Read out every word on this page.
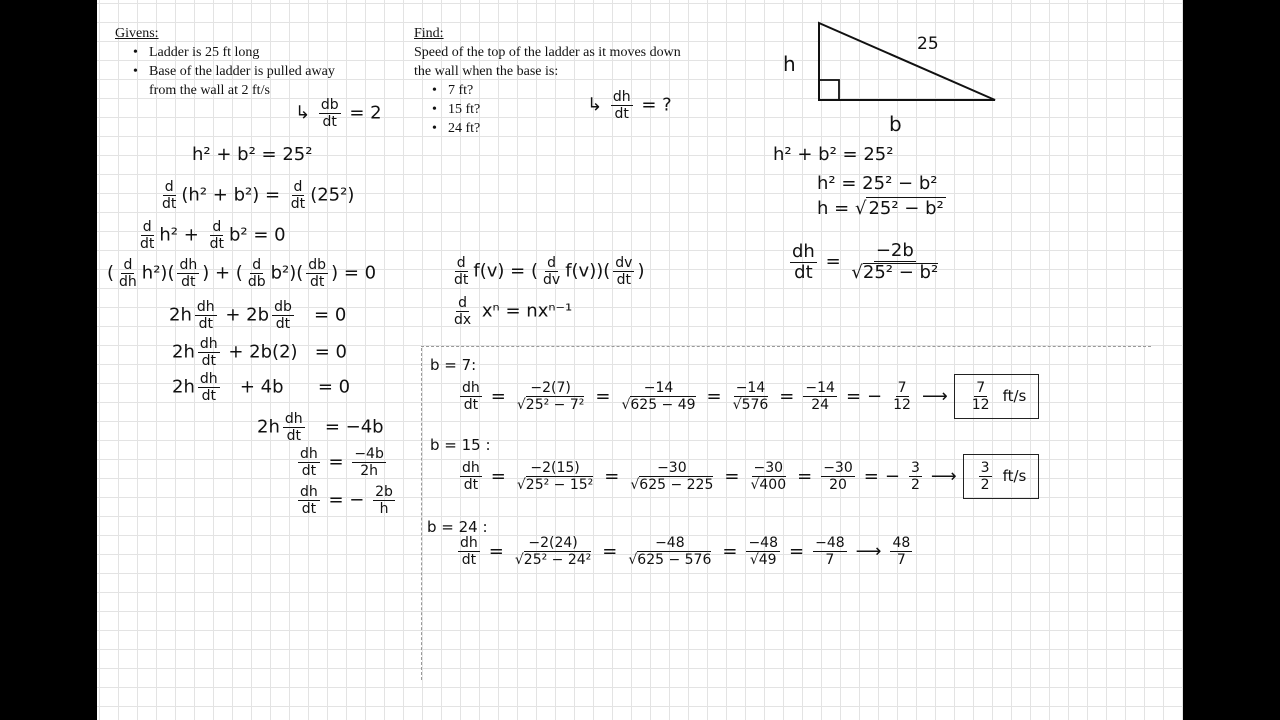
Givens:
• Ladder is 25 ft long
• Base of the ladder is pulled away from the wall at 2 ft/s
↳ $\frac{db}{dt} = 2$
Find:
Speed of the top of the ladder as it moves down the wall when the base is:
• 7 ft?
• 15 ft?
• 24 ft?
↳ $\frac{dh}{dt}$ = ?
h
25
b
h² + b² = 25²
h² = 25² − b²
h = √ 25² − b²
$\frac{dh}{dt} = \frac{-2b}{\text{√25² − b²}}$
h² + b² = 25²
$\frac{d}{dt} (h^2 + b^2) = \frac{d}{dt} (25^2)$
$\frac{d}{dt} h^2 + \frac{d}{dt} b^2 = 0$
( $\frac{d}{dh} h^2)( \frac{dh}{dt}$ ) + ( $\frac{d}{db} b^2)( \frac{db}{dt}$ ) = 0
$2h \frac{dh}{dt} + 2b \frac{db}{dt} = 0$
$2h \frac{dh}{dt} + 2b(2) = 0$
$2h \frac{dh}{dt} + 4b = 0$
$2h \frac{dh}{dt} = -4b$
$\frac{dh}{dt} = \frac{-4b}{2h}$
$\frac{dh}{dt}$ = − $\frac{2b}{h}$
$\frac{d}{dt} f(v)$ = ( $\frac{d}{dv} f(v))( \frac{dv}{dt}$ )
$\frac{d}{dx}$ xⁿ = nxⁿ⁻¹
b = 7:
$\frac{dh}{dt} = \frac{-2(7)}{\text{√25² − 7²}} = \frac{-14}{√625 - 49} = \frac{-14}{√576} = \frac{-14}{24}$ = − $\frac{7}{12}$ ⟶ $\frac{7}{12} ft/s$
b = 15 :
$\frac{dh}{dt} = \frac{-2(15)}{\text{√25² − 15²}} = \frac{-30}{√625 - 225} = \frac{-30}{√400} = \frac{-30}{20}$ = − $\frac{3}{2}$ ⟶ $\frac{3}{2} ft/s$
b = 24 :
$\frac{dh}{dt} = \frac{-2(24)}{\text{√25² − 24²}} = \frac{-48}{√625 - 576} = \frac{-48}{√49} = \frac{-48}{7}$ ⟶ $\frac{48}{7}$
